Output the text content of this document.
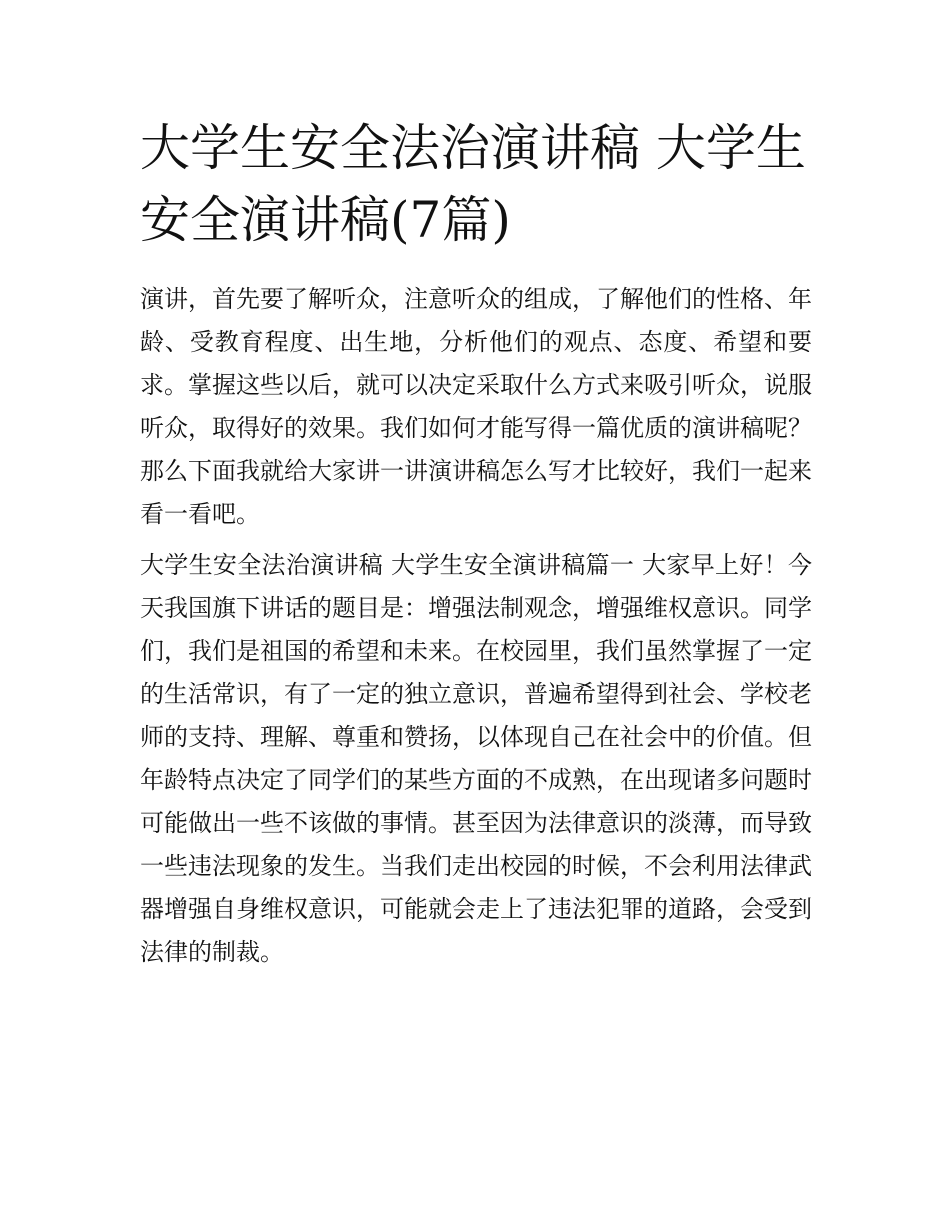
大学生安全法治演讲稿 大学生安全演讲稿(7篇)

演讲，首先要了解听众，注意听众的组成，了解他们的性格、年龄、受教育程度、出生地，分析他们的观点、态度、希望和要求。掌握这些以后，就可以决定采取什么方式来吸引听众，说服听众，取得好的效果。我们如何才能写得一篇优质的演讲稿呢？那么下面我就给大家讲一讲演讲稿怎么写才比较好，我们一起来看一看吧。

大学生安全法治演讲稿 大学生安全演讲稿篇一 大家早上好！今天我国旗下讲话的题目是：增强法制观念，增强维权意识。同学们，我们是祖国的希望和未来。在校园里，我们虽然掌握了一定的生活常识，有了一定的独立意识，普遍希望得到社会、学校老师的支持、理解、尊重和赞扬，以体现自己在社会中的价值。但年龄特点决定了同学们的某些方面的不成熟，在出现诸多问题时可能做出一些不该做的事情。甚至因为法律意识的淡薄，而导致一些违法现象的发生。当我们走出校园的时候，不会利用法律武器增强自身维权意识，可能就会走上了违法犯罪的道路，会受到法律的制裁。
